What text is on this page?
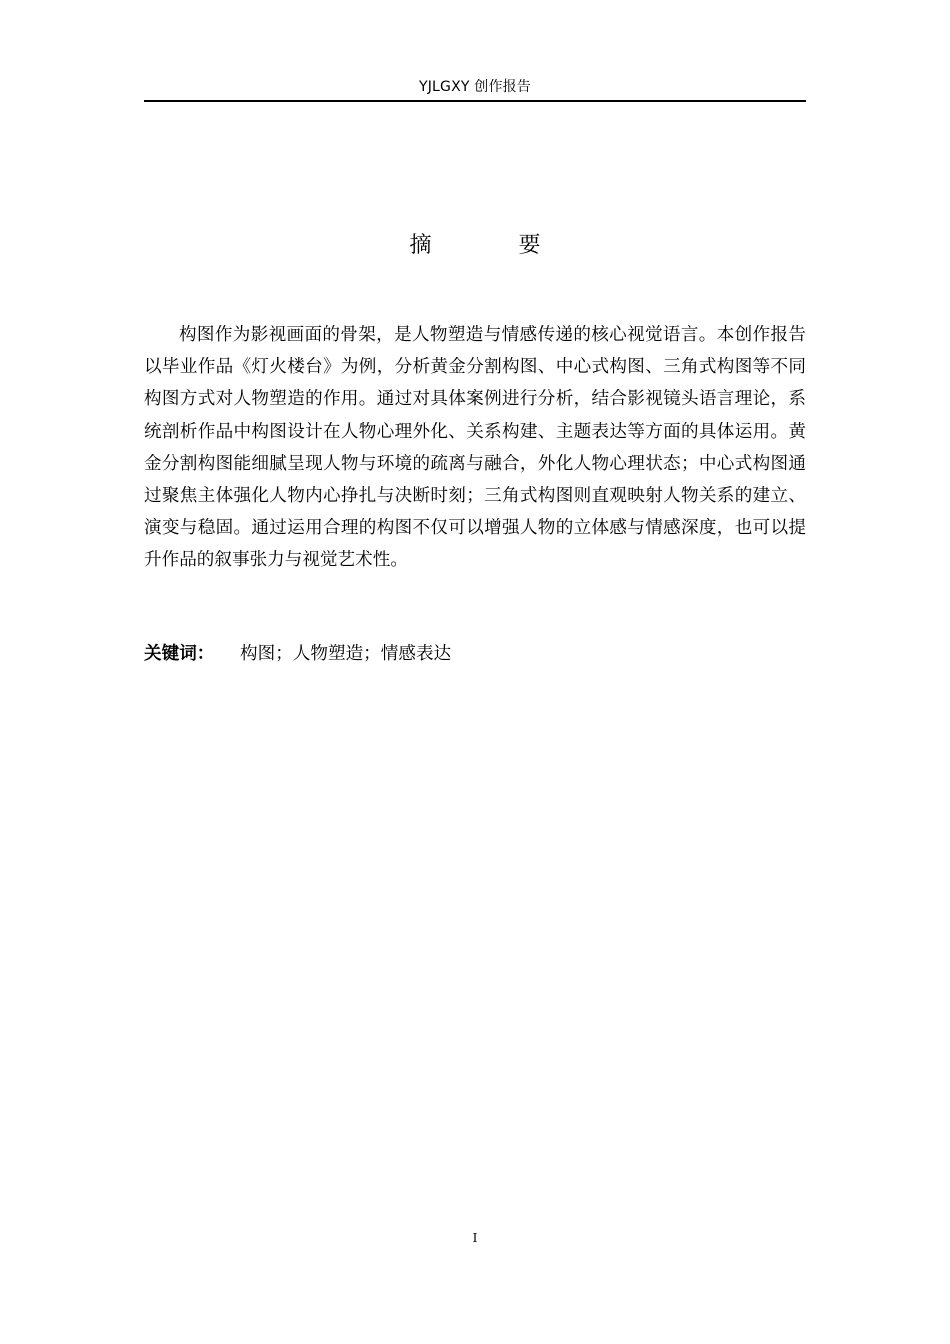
YJLGXY 创作报告
摘 要

构图作为影视画面的骨架，是人物塑造与情感传递的核心视觉语言。本创作报告以毕业作品《灯火楼台》为例，分析黄金分割构图、中心式构图、三角式构图等不同构图方式对人物塑造的作用。通过对具体案例进行分析，结合影视镜头语言理论，系统剖析作品中构图设计在人物心理外化、关系构建、主题表达等方面的具体运用。黄金分割构图能细腻呈现人物与环境的疏离与融合，外化人物心理状态；中心式构图通过聚焦主体强化人物内心挣扎与决断时刻；三角式构图则直观映射人物关系的建立、演变与稳固。通过运用合理的构图不仅可以增强人物的立体感与情感深度，也可以提升作品的叙事张力与视觉艺术性。

关键词： 构图；人物塑造；情感表达
I
